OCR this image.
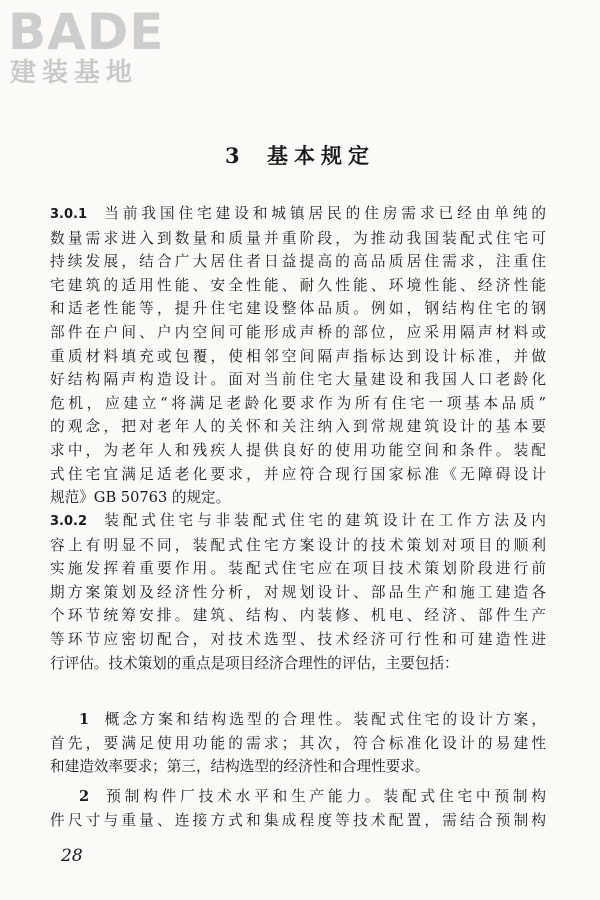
BADE
建装基地
3 基本规定
3.0.1 当前我国住宅建设和城镇居民的住房需求已经由单纯的
数量需求进入到数量和质量并重阶段，为推动我国装配式住宅可
持续发展，结合广大居住者日益提高的高品质居住需求，注重住
宅建筑的适用性能、安全性能、耐久性能、环境性能、经济性能
和适老性能等，提升住宅建设整体品质。例如，钢结构住宅的钢
部件在户间、户内空间可能形成声桥的部位，应采用隔声材料或
重质材料填充或包覆，使相邻空间隔声指标达到设计标准，并做
好结构隔声构造设计。面对当前住宅大量建设和我国人口老龄化
危机，应建立“将满足老龄化要求作为所有住宅一项基本品质”
的观念，把对老年人的关怀和关注纳入到常规建筑设计的基本要
求中，为老年人和残疾人提供良好的使用功能空间和条件。装配
式住宅宜满足适老化要求，并应符合现行国家标准《无障碍设计
规范》GB 50763 的规定。
3.0.2 装配式住宅与非装配式住宅的建筑设计在工作方法及内
容上有明显不同，装配式住宅方案设计的技术策划对项目的顺利
实施发挥着重要作用。装配式住宅应在项目技术策划阶段进行前
期方案策划及经济性分析，对规划设计、部品生产和施工建造各
个环节统筹安排。建筑、结构、内装修、机电、经济、部件生产
等环节应密切配合，对技术选型、技术经济可行性和可建造性进
行评估。技术策划的重点是项目经济合理性的评估，主要包括：
1 概念方案和结构选型的合理性。装配式住宅的设计方案，
首先，要满足使用功能的需求；其次，符合标准化设计的易建性
和建造效率要求；第三，结构选型的经济性和合理性要求。
2 预制构件厂技术水平和生产能力。装配式住宅中预制构
件尺寸与重量、连接方式和集成程度等技术配置，需结合预制构
28
